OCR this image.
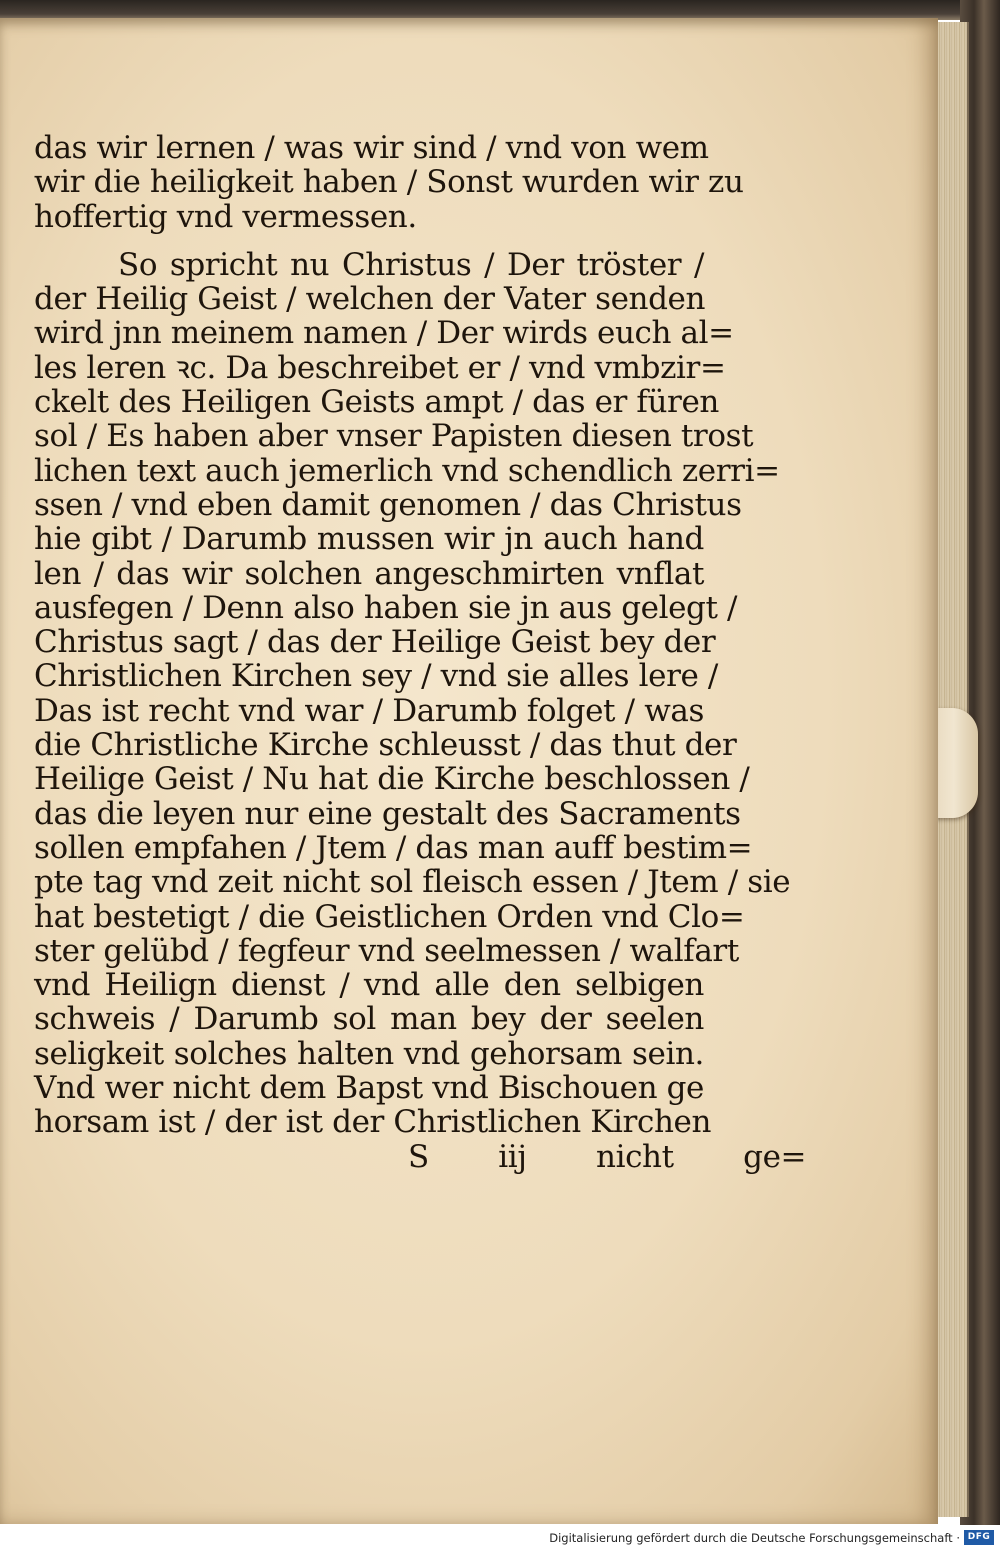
das wir lernen / was wir sind / vnd von wem
wir die heiligkeit haben / Sonst wurden wir zu
hoffertig vnd vermessen.
So spricht nu Christus / Der tröster /
der Heilig Geist / welchen der Vater senden
wird jnn meinem namen / Der wirds euch al=
les leren ꝛc. Da beschreibet er / vnd vmbzir=
ckelt des Heiligen Geists ampt / das er füren
sol / Es haben aber vnser Papisten diesen trost
lichen text auch jemerlich vnd schendlich zerri=
ssen / vnd eben damit genomen / das Christus
hie gibt / Darumb mussen wir jn auch hand
len / das wir solchen angeschmirten vnflat
ausfegen / Denn also haben sie jn aus gelegt /
Christus sagt / das der Heilige Geist bey der
Christlichen Kirchen sey / vnd sie alles lere /
Das ist recht vnd war / Darumb folget / was
die Christliche Kirche schleusst / das thut der
Heilige Geist / Nu hat die Kirche beschlossen /
das die leyen nur eine gestalt des Sacraments
sollen empfahen / Jtem / das man auff bestim=
pte tag vnd zeit nicht sol fleisch essen / Jtem / sie
hat bestetigt / die Geistlichen Orden vnd Clo=
ster gelübd / fegfeur vnd seelmessen / walfart
vnd Heilign dienst / vnd alle den selbigen
schweis / Darumb sol man bey der seelen
seligkeit solches halten vnd gehorsam sein.
Vnd wer nicht dem Bapst vnd Bischouen ge
horsam ist / der ist der Christlichen Kirchen
S iij nicht ge=
Digitalisierung gefördert durch die Deutsche Forschungsgemeinschaft · DFG
